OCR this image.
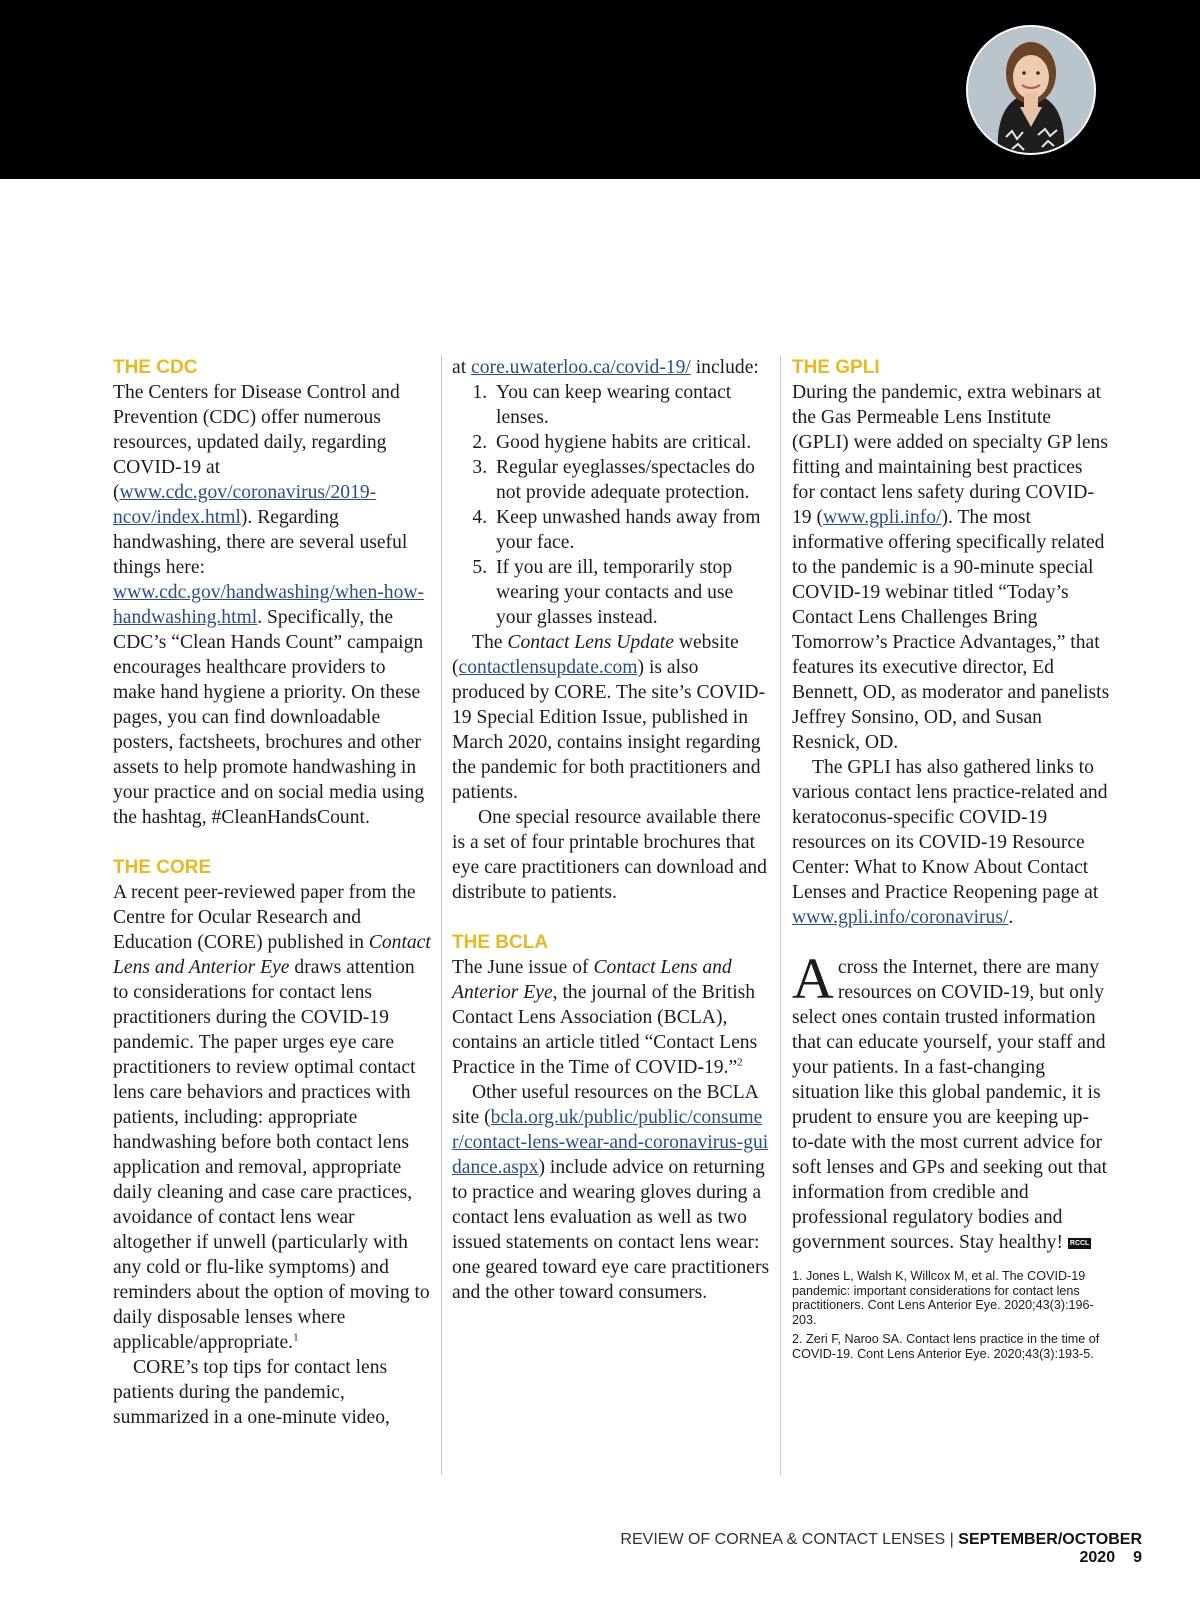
THE CDC

The Centers for Disease Control and Prevention (CDC) offer numerous resources, updated daily, regarding COVID-19 at (www.cdc.gov/coronavirus/2019-ncov/index.html). Regarding handwashing, there are several useful things here: www.cdc.gov/handwashing/when-how-handwashing.html. Specifically, the CDC’s “Clean Hands Count” campaign encourages healthcare providers to make hand hygiene a priority. On these pages, you can find downloadable posters, factsheets, brochures and other assets to help promote handwashing in your practice and on social media using the hashtag, #CleanHandsCount.

THE CORE

A recent peer-reviewed paper from the Centre for Ocular Research and Education (CORE) published in Contact Lens and Anterior Eye draws attention to considerations for contact lens practitioners during the COVID-19 pandemic. The paper urges eye care practitioners to review optimal contact lens care behaviors and practices with patients, including: appropriate handwashing before both contact lens application and removal, appropriate daily cleaning and case care practices, avoidance of contact lens wear altogether if unwell (particularly with any cold or flu-like symptoms) and reminders about the option of moving to daily disposable lenses where applicable/appropriate.$^1$

CORE’s top tips for contact lens patients during the pandemic, summarized in a one-minute video,

at core.uwaterloo.ca/covid-19/ include:

1. You can keep wearing contact lenses.
2. Good hygiene habits are critical.
3. Regular eyeglasses/spectacles do not provide adequate protection.
4. Keep unwashed hands away from your face.
5. If you are ill, temporarily stop wearing your contacts and use your glasses instead.

The Contact Lens Update website (contactlensupdate.com) is also produced by CORE. The site’s COVID-19 Special Edition Issue, published in March 2020, contains insight regarding the pandemic for both practitioners and patients.

One special resource available there is a set of four printable brochures that eye care practitioners can download and distribute to patients.

THE BCLA

The June issue of Contact Lens and Anterior Eye, the journal of the British Contact Lens Association (BCLA), contains an article titled “Contact Lens Practice in the Time of COVID-19.”$^2$

Other useful resources on the BCLA site (bcla.org.uk/public/public/consumer/contact-lens-wear-and-coronavirus-guidance.aspx) include advice on returning to practice and wearing gloves during a contact lens evaluation as well as two issued statements on contact lens wear: one geared toward eye care practitioners and the other toward consumers.

THE GPLI

During the pandemic, extra webinars at the Gas Permeable Lens Institute (GPLI) were added on specialty GP lens fitting and maintaining best practices for contact lens safety during COVID-19 (www.gpli.info/). The most informative offering specifically related to the pandemic is a 90-minute special COVID-19 webinar titled “Today’s Contact Lens Challenges Bring Tomorrow’s Practice Advantages,” that features its executive director, Ed Bennett, OD, as moderator and panelists Jeffrey Sonsino, OD, and Susan Resnick, OD.

The GPLI has also gathered links to various contact lens practice-related and keratoconus-specific COVID-19 resources on its COVID-19 Resource Center: What to Know About Contact Lenses and Practice Reopening page at www.gpli.info/coronavirus/.

Across the Internet, there are many resources on COVID-19, but only select ones contain trusted information that can educate yourself, your staff and your patients. In a fast-changing situation like this global pandemic, it is prudent to ensure you are keeping up-to-date with the most current advice for soft lenses and GPs and seeking out that information from credible and professional regulatory bodies and government sources. Stay healthy! RCCL

1. Jones L, Walsh K, Willcox M, et al. The COVID-19 pandemic: important considerations for contact lens practitioners. Cont Lens Anterior Eye. 2020;43(3):196-203.

2. Zeri F, Naroo SA. Contact lens practice in the time of COVID-19. Cont Lens Anterior Eye. 2020;43(3):193-5.

REVIEW OF CORNEA & CONTACT LENSES | SEPTEMBER/OCTOBER 2020 9
